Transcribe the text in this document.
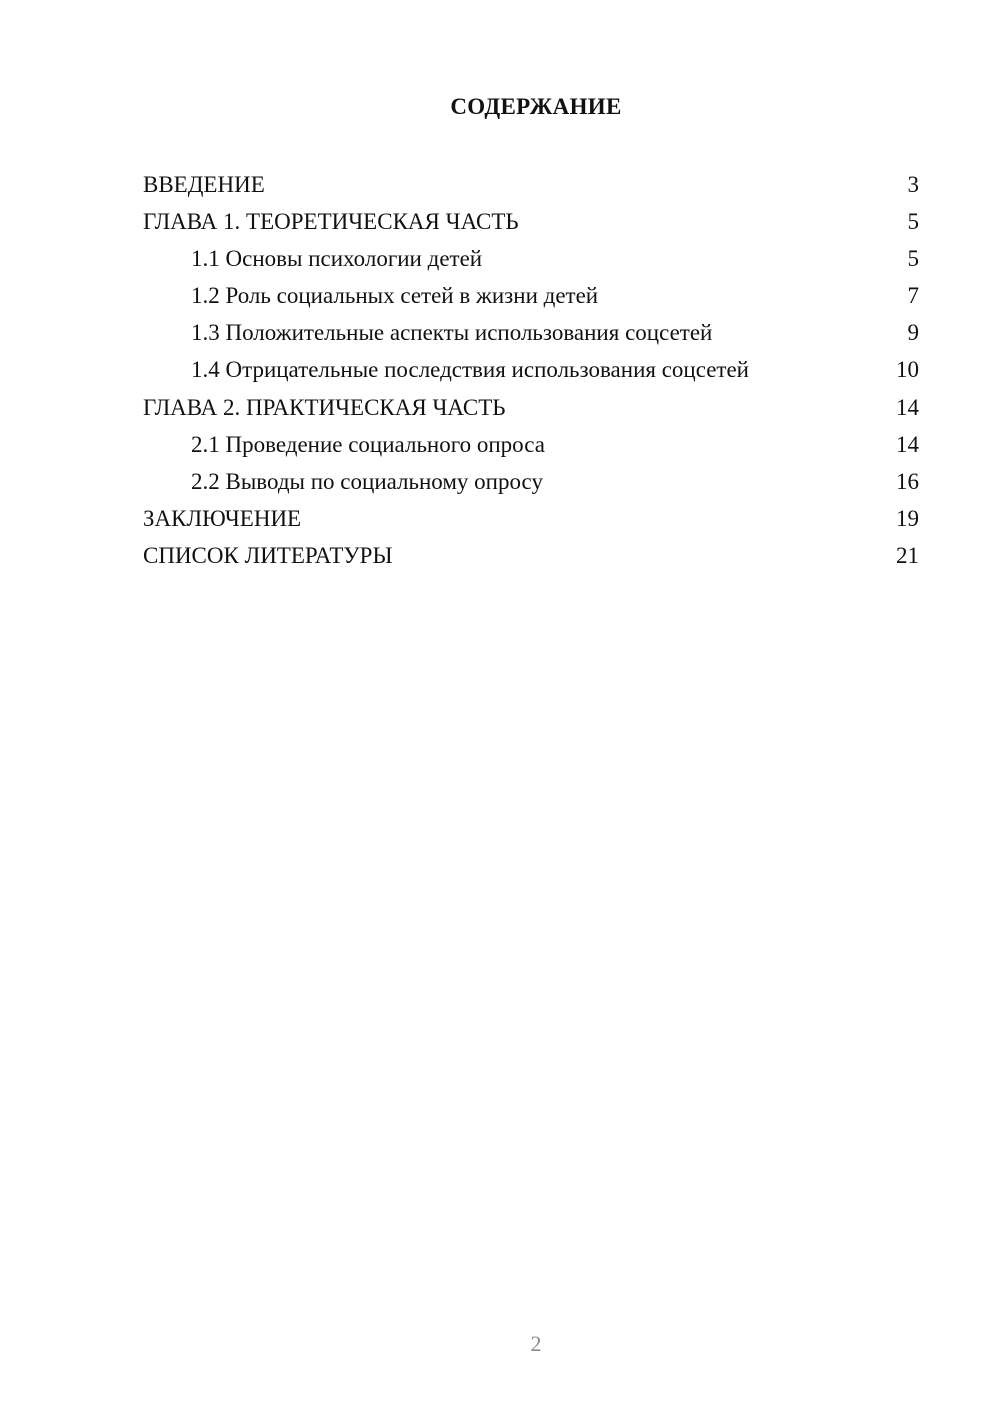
СОДЕРЖАНИЕ
ВВЕДЕНИЕ	3
ГЛАВА 1. ТЕОРЕТИЧЕСКАЯ ЧАСТЬ	5
1.1 Основы психологии детей	5
1.2 Роль социальных сетей в жизни детей	7
1.3 Положительные аспекты использования соцсетей	9
1.4 Отрицательные последствия использования соцсетей	10
ГЛАВА 2. ПРАКТИЧЕСКАЯ ЧАСТЬ	14
2.1 Проведение социального опроса	14
2.2 Выводы по социальному опросу	16
ЗАКЛЮЧЕНИЕ	19
СПИСОК ЛИТЕРАТУРЫ	21
2
